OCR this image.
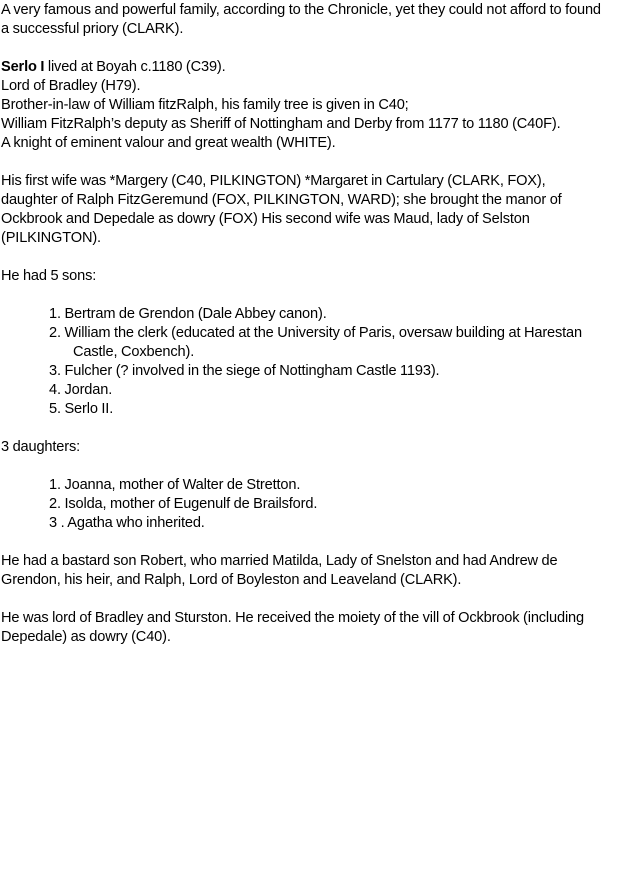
A very famous and powerful family, according to the Chronicle, yet they could not afford to found
a successful priory (CLARK).

Serlo I lived at Boyah c.1180 (C39).
Lord of Bradley (H79).
Brother-in-law of William fitzRalph, his family tree is given in C40;
William FitzRalph’s deputy as Sheriff of Nottingham and Derby from 1177 to 1180 (C40F).
A knight of eminent valour and great wealth (WHITE).

His first wife was *Margery (C40, PILKINGTON) *Margaret in Cartulary (CLARK, FOX),
daughter of Ralph FitzGeremund (FOX, PILKINGTON, WARD); she brought the manor of
Ockbrook and Depedale as dowry (FOX) His second wife was Maud, lady of Selston
(PILKINGTON).

He had 5 sons:

1. Bertram de Grendon (Dale Abbey canon).
2. William the clerk (educated at the University of Paris, oversaw building at Harestan
Castle, Coxbench).
3. Fulcher (? involved in the siege of Nottingham Castle 1193).
4. Jordan.
5. Serlo II.

3 daughters:

1. Joanna, mother of Walter de Stretton.
2. Isolda, mother of Eugenulf de Brailsford.
3 . Agatha who inherited.

He had a bastard son Robert, who married Matilda, Lady of Snelston and had Andrew de
Grendon, his heir, and Ralph, Lord of Boyleston and Leaveland (CLARK).

He was lord of Bradley and Sturston. He received the moiety of the vill of Ockbrook (including
Depedale) as dowry (C40).
